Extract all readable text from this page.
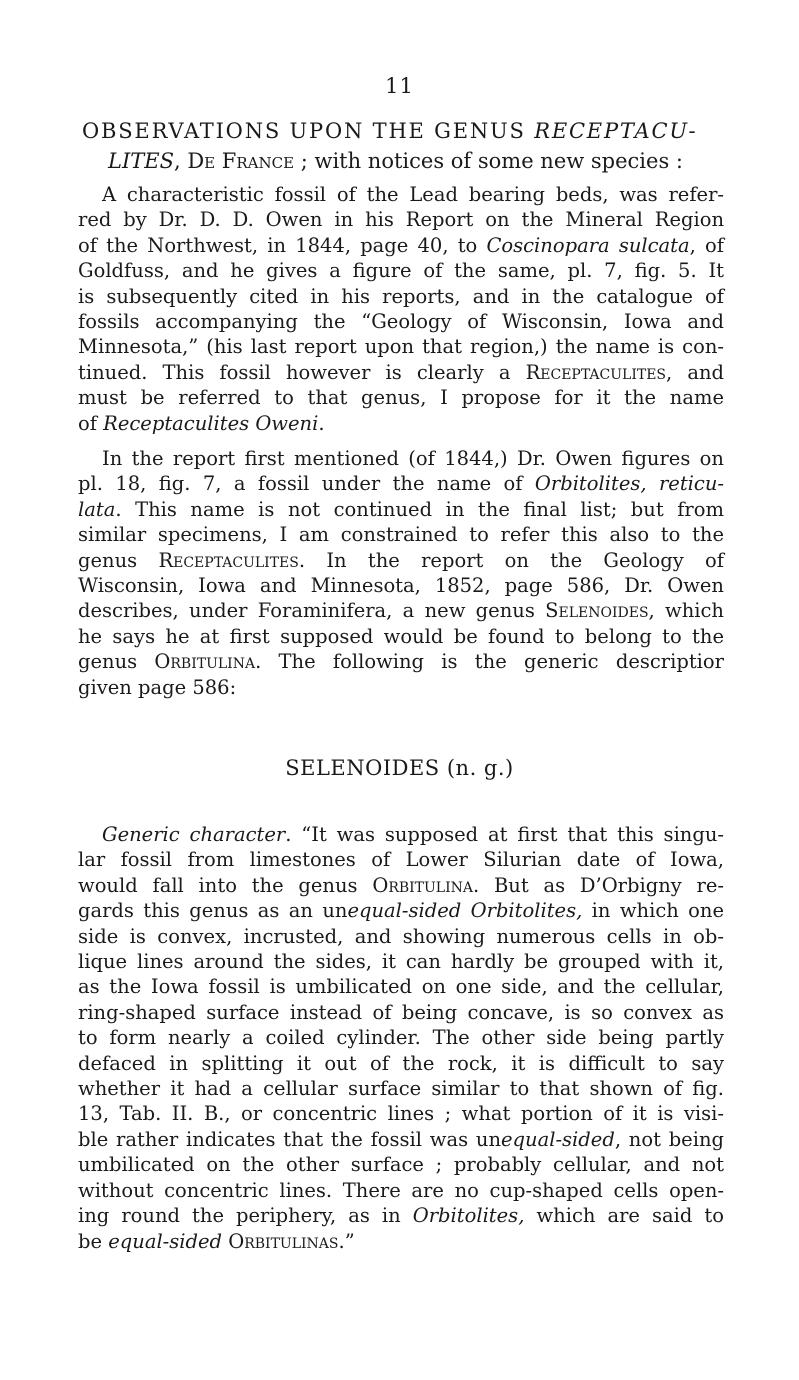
11
OBSERVATIONS UPON THE GENUS RECEPTACU-
LITES, De France ; with notices of some new species :
A characteristic fossil of the Lead bearing beds, was refer-
red by Dr. D. D. Owen in his Report on the Mineral Region
of the Northwest, in 1844, page 40, to Coscinopara sulcata, of
Goldfuss, and he gives a figure of the same, pl. 7, fig. 5. It
is subsequently cited in his reports, and in the catalogue of
fossils accompanying the “Geology of Wisconsin, Iowa and
Minnesota,” (his last report upon that region,) the name is con-
tinued. This fossil however is clearly a Receptaculites, and
must be referred to that genus, I propose for it the name
of Receptaculites Oweni.
In the report first mentioned (of 1844,) Dr. Owen figures on
pl. 18, fig. 7, a fossil under the name of Orbitolites, reticu-
lata. This name is not continued in the final list; but from
similar specimens, I am constrained to refer this also to the
genus Receptaculites. In the report on the Geology of
Wisconsin, Iowa and Minnesota, 1852, page 586, Dr. Owen
describes, under Foraminifera, a new genus Selenoides, which
he says he at first supposed would be found to belong to the
genus Orbitulina. The following is the generic descriptior
given page 586:
SELENOIDES (n. g.)
Generic character. “It was supposed at first that this singu-
lar fossil from limestones of Lower Silurian date of Iowa,
would fall into the genus Orbitulina. But as D’Orbigny re-
gards this genus as an unequal-sided Orbitolites, in which one
side is convex, incrusted, and showing numerous cells in ob-
lique lines around the sides, it can hardly be grouped with it,
as the Iowa fossil is umbilicated on one side, and the cellular,
ring-shaped surface instead of being concave, is so convex as
to form nearly a coiled cylinder. The other side being partly
defaced in splitting it out of the rock, it is difficult to say
whether it had a cellular surface similar to that shown of fig.
13, Tab. II. B., or concentric lines ; what portion of it is visi-
ble rather indicates that the fossil was unequal-sided, not being
umbilicated on the other surface ; probably cellular, and not
without concentric lines. There are no cup-shaped cells open-
ing round the periphery, as in Orbitolites, which are said to
be equal-sided Orbitulinas.”
